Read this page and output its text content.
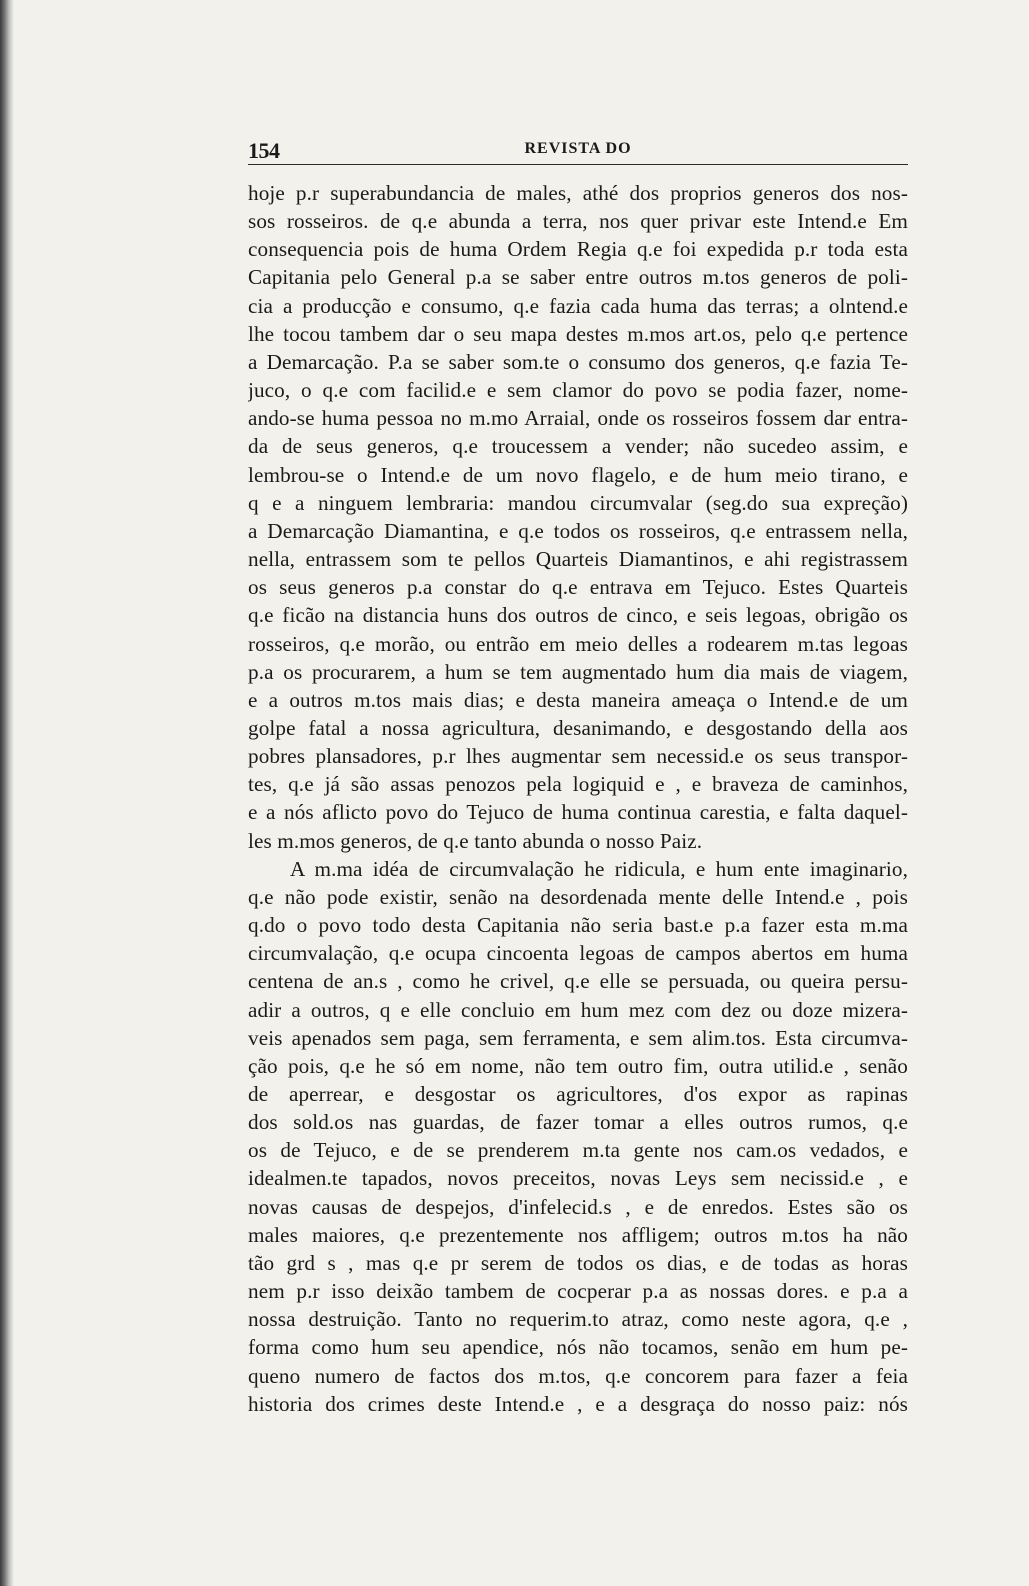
154	REVISTA DO

hoje p.r superabundancia de males, athé dos proprios generos dos nos-
sos rosseiros. de q.e abunda a terra, nos quer privar este Intend.e Em
consequencia pois de huma Ordem Regia q.e foi expedida p.r toda esta
Capitania pelo General p.a se saber entre outros m.tos generos de poli-
cia a producção e consumo, q.e fazia cada huma das terras; a olntend.e
lhe tocou tambem dar o seu mapa destes m.mos art.os, pelo q.e pertence
a Demarcação. P.a se saber som.te o consumo dos generos, q.e fazia Te-
juco, o q.e com facilid.e e sem clamor do povo se podia fazer, nome-
ando-se huma pessoa no m.mo Arraial, onde os rosseiros fossem dar entra-
da de seus generos, q.e troucessem a vender; não sucedeo assim, e
lembrou-se o Intend.e de um novo flagelo, e de hum meio tirano, e
q e a ninguem lembraria: mandou circumvalar (seg.do sua expreção)
a Demarcação Diamantina, e q.e todos os rosseiros, q.e entrassem nella,
nella, entrassem som te pellos Quarteis Diamantinos, e ahi registrassem
os seus generos p.a constar do q.e entrava em Tejuco. Estes Quarteis
q.e ficão na distancia huns dos outros de cinco, e seis legoas, obrigão os
rosseiros, q.e morão, ou entrão em meio delles a rodearem m.tas legoas
p.a os procurarem, a hum se tem augmentado hum dia mais de viagem,
e a outros m.tos mais dias; e desta maneira ameaça o Intend.e de um
golpe fatal a nossa agricultura, desanimando, e desgostando della aos
pobres plansadores, p.r lhes augmentar sem necessid.e os seus transpor-
tes, q.e já são assas penozos pela logiquid e , e braveza de caminhos,
e a nós aflicto povo do Tejuco de huma continua carestia, e falta daquel-
les m.mos generos, de q.e tanto abunda o nosso Paiz.

A m.ma idéa de circumvalação he ridicula, e hum ente imaginario,
q.e não pode existir, senão na desordenada mente delle Intend.e , pois
q.do o povo todo desta Capitania não seria bast.e p.a fazer esta m.ma
circumvalação, q.e ocupa cincoenta legoas de campos abertos em huma
centena de an.s , como he crivel, q.e elle se persuada, ou queira persu-
adir a outros, q e elle concluio em hum mez com dez ou doze mizera-
veis apenados sem paga, sem ferramenta, e sem alim.tos. Esta circumva-
ção pois, q.e he só em nome, não tem outro fim, outra utilid.e , senão
de aperrear, e desgostar os agricultores, d'os expor as rapinas
dos sold.os nas guardas, de fazer tomar a elles outros rumos, q.e
os de Tejuco, e de se prenderem m.ta gente nos cam.os vedados, e
idealmen.te tapados, novos preceitos, novas Leys sem necissid.e , e
novas causas de despejos, d'infelecid.s , e de enredos. Estes são os
males maiores, q.e prezentemente nos affligem; outros m.tos ha não
tão grd s , mas q.e pr serem de todos os dias, e de todas as horas
nem p.r isso deixão tambem de cocperar p.a as nossas dores. e p.a a
nossa destruição. Tanto no requerim.to atraz, como neste agora, q.e ,
forma como hum seu apendice, nós não tocamos, senão em hum pe-
queno numero de factos dos m.tos, q.e concorem para fazer a feia
historia dos crimes deste Intend.e , e a desgraça do nosso paiz: nós
